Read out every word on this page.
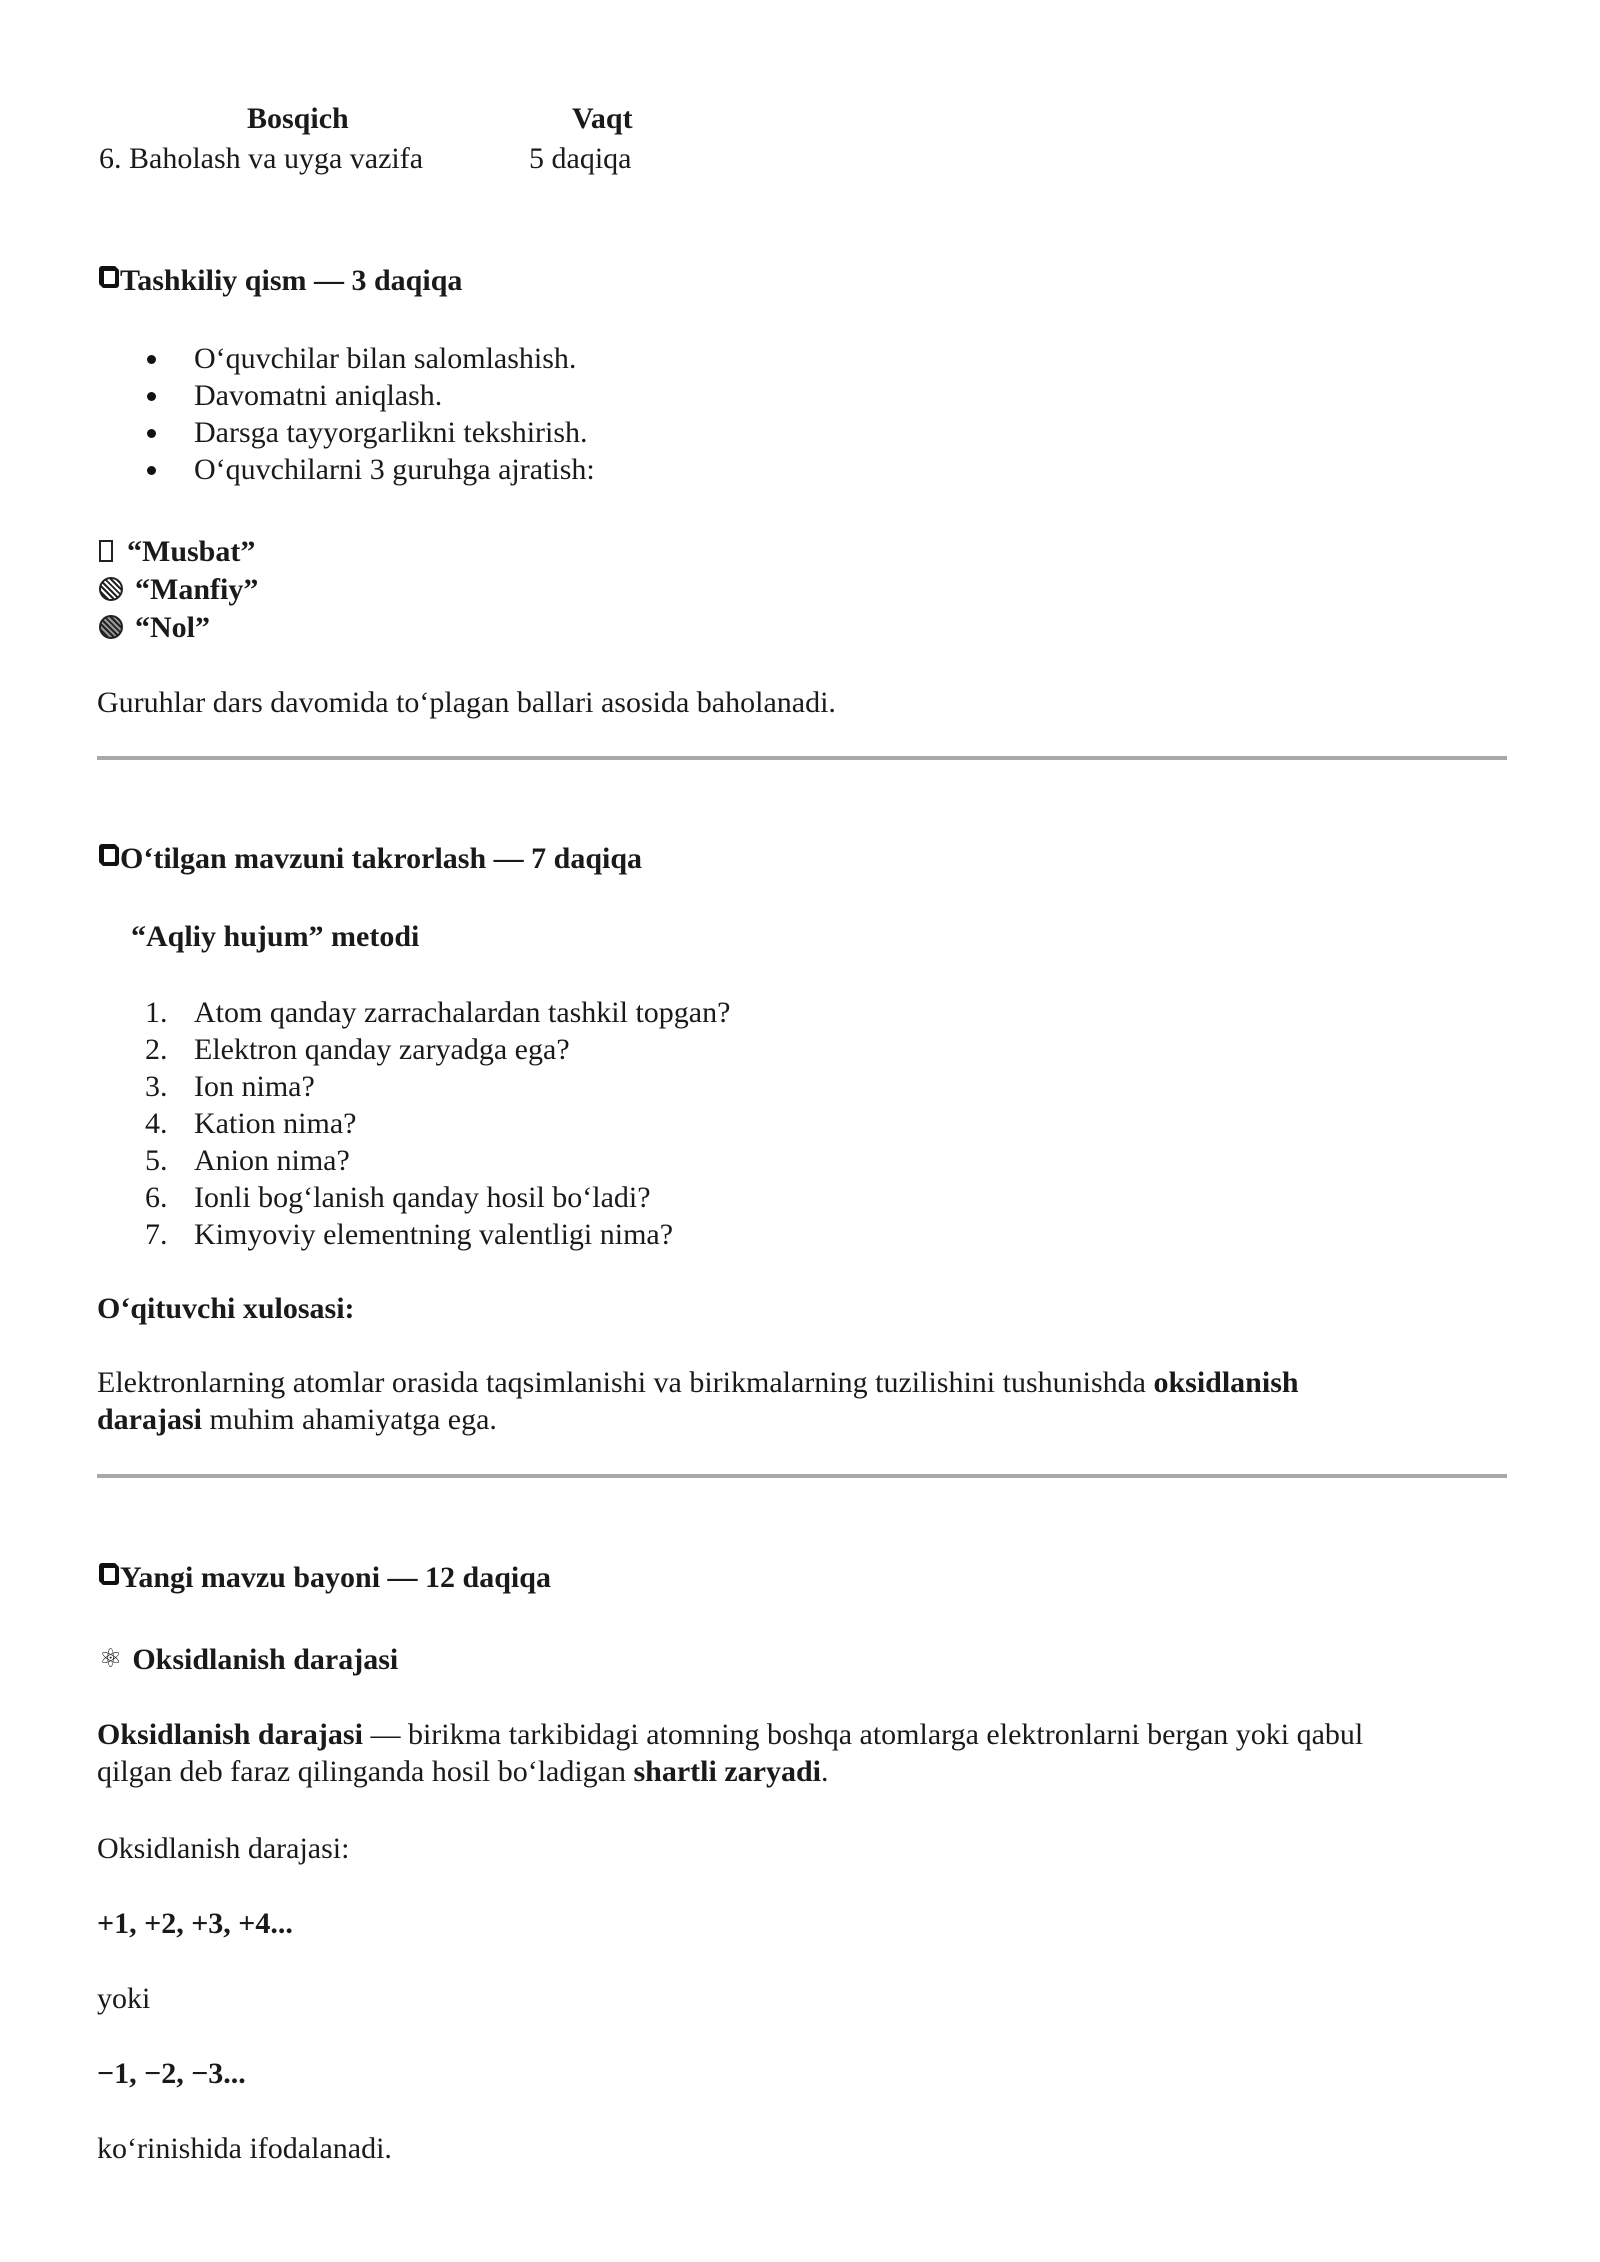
Bosqich	Vaqt
6. Baholash va uyga vazifa	5 daqiqa
Tashkiliy qism — 3 daqiqa
O‘quvchilar bilan salomlashish.
Davomatni aniqlash.
Darsga tayyorgarlikni tekshirish.
O‘quvchilarni 3 guruhga ajratish:
“Musbat”
“Manfiy”
“Nol”
Guruhlar dars davomida to‘plagan ballari asosida baholanadi.
O‘tilgan mavzuni takrorlash — 7 daqiqa
“Aqliy hujum” metodi
1. Atom qanday zarrachalardan tashkil topgan?
2. Elektron qanday zaryadga ega?
3. Ion nima?
4. Kation nima?
5. Anion nima?
6. Ionli bog‘lanish qanday hosil bo‘ladi?
7. Kimyoviy elementning valentligi nima?
O‘qituvchi xulosasi:
Elektronlarning atomlar orasida taqsimlanishi va birikmalarning tuzilishini tushunishda oksidlanish
darajasi muhim ahamiyatga ega.
Yangi mavzu bayoni — 12 daqiqa
⚛ Oksidlanish darajasi
Oksidlanish darajasi — birikma tarkibidagi atomning boshqa atomlarga elektronlarni bergan yoki qabul
qilgan deb faraz qilinganda hosil bo‘ladigan shartli zaryadi.
Oksidlanish darajasi:
+1, +2, +3, +4...
yoki
−1, −2, −3...
ko‘rinishida ifodalanadi.
